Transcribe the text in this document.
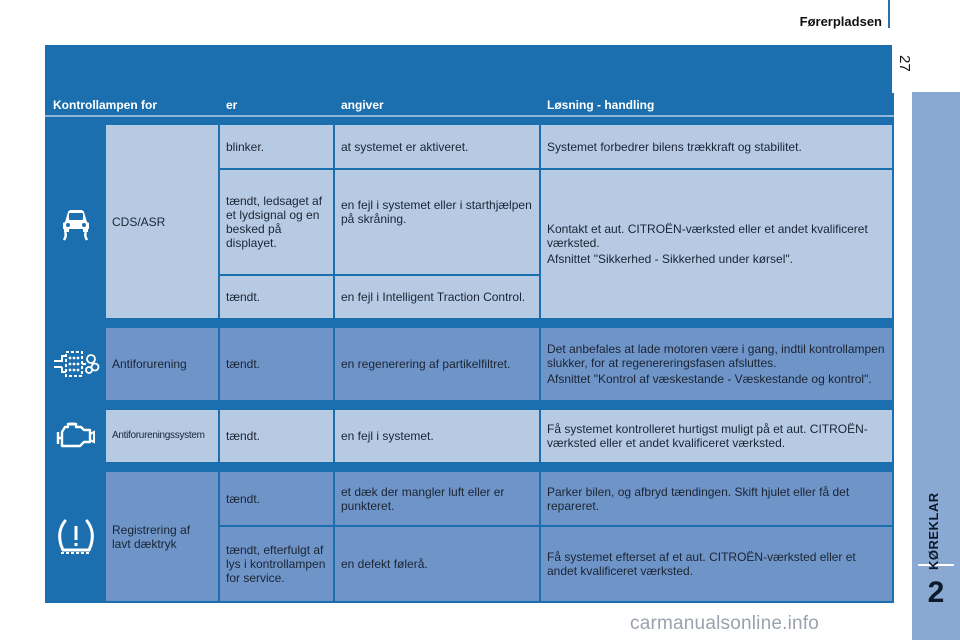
Førerpladsen
27
KØREKLAR
2
Kontrollampen for		er	angiver	Løsning - handling

	CDS/ASR	blinker.	at systemet er aktiveret.	Systemet forbedrer bilens trækkraft og stabilitet.
		tændt, ledsaget af et lydsignal og en besked på displayet.	en fejl i systemet eller i starthjælpen på skråning.	Kontakt et aut. CITROËN-værksted eller et andet kvalificeret værksted.
Afsnittet "Sikkerhed - Sikkerhed under kørsel".

		tændt.	en fejl i Intelligent Traction Control.	

	Antiforurening	tændt.	en regenerering af partikelfiltret.	Det anbefales at lade motoren være i gang, indtil kontrollampen slukker, for at regenereringsfasen afsluttes.
Afsnittet "Kontrol af væskestande - Væskestande og kontrol".

	Antiforureningssystem	tændt.	en fejl i systemet.	Få systemet kontrolleret hurtigst muligt på et aut. CITROËN-værksted eller et andet kvalificeret værksted.

	Registrering af lavt dæktryk	tændt.	et dæk der mangler luft eller er punkteret.	Parker bilen, og afbryd tændingen. Skift hjulet eller få det repareret.
		tændt, efterfulgt af lys i kontrollampen for service.	en defekt følerå.	Få systemet efterset af et aut. CITROËN-værksted eller et andet kvalificeret værksted.
carmanualsonline.info
